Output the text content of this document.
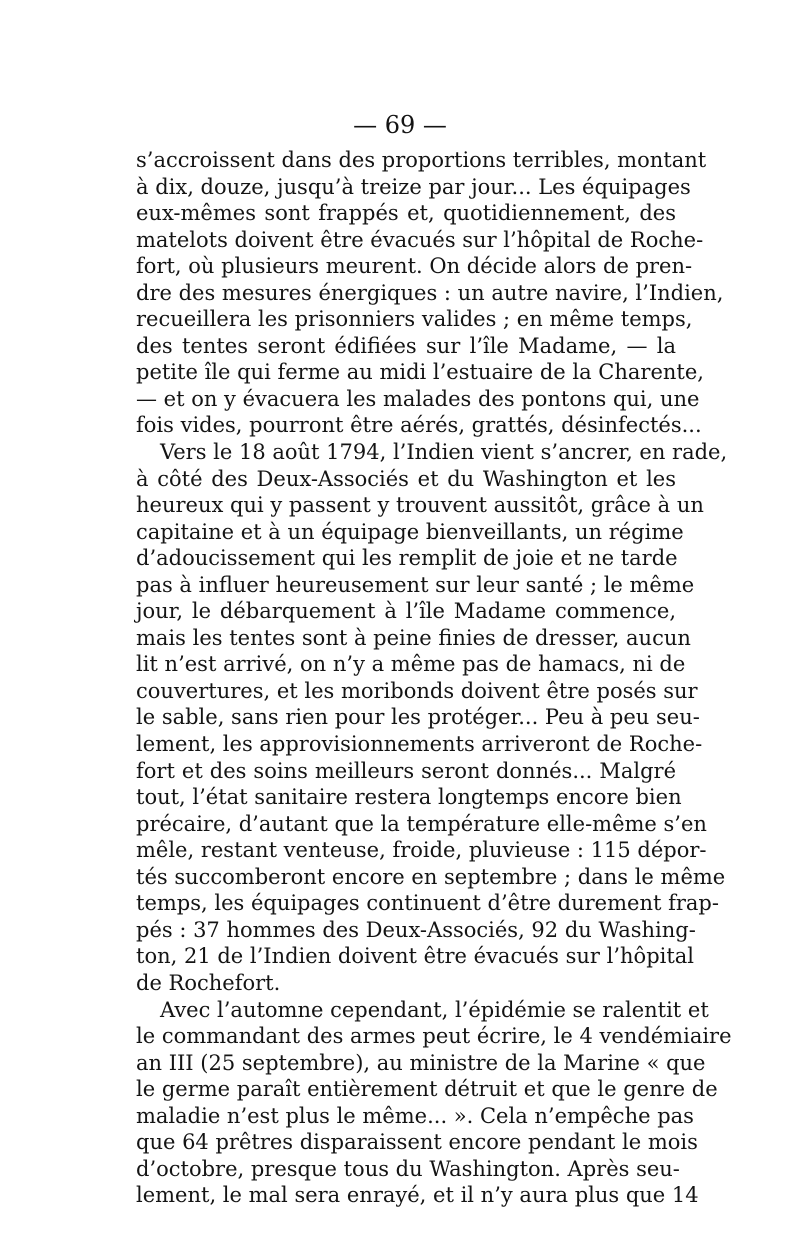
— 69 —
s’accroissent dans des proportions terribles, montant
à dix, douze, jusqu’à treize par jour... Les équipages
eux-mêmes sont frappés et, quotidiennement, des
matelots doivent être évacués sur l’hôpital de Roche-
fort, où plusieurs meurent. On décide alors de pren-
dre des mesures énergiques : un autre navire, l’Indien,
recueillera les prisonniers valides ; en même temps,
des tentes seront édifiées sur l’île Madame, — la
petite île qui ferme au midi l’estuaire de la Charente,
— et on y évacuera les malades des pontons qui, une
fois vides, pourront être aérés, grattés, désinfectés...
Vers le 18 août 1794, l’Indien vient s’ancrer, en rade,
à côté des Deux-Associés et du Washington et les
heureux qui y passent y trouvent aussitôt, grâce à un
capitaine et à un équipage bienveillants, un régime
d’adoucissement qui les remplit de joie et ne tarde
pas à influer heureusement sur leur santé ; le même
jour, le débarquement à l’île Madame commence,
mais les tentes sont à peine finies de dresser, aucun
lit n’est arrivé, on n’y a même pas de hamacs, ni de
couvertures, et les moribonds doivent être posés sur
le sable, sans rien pour les protéger... Peu à peu seu-
lement, les approvisionnements arriveront de Roche-
fort et des soins meilleurs seront donnés... Malgré
tout, l’état sanitaire restera longtemps encore bien
précaire, d’autant que la température elle-même s’en
mêle, restant venteuse, froide, pluvieuse : 115 dépor-
tés succomberont encore en septembre ; dans le même
temps, les équipages continuent d’être durement frap-
pés : 37 hommes des Deux-Associés, 92 du Washing-
ton, 21 de l’Indien doivent être évacués sur l’hôpital
de Rochefort.
Avec l’automne cependant, l’épidémie se ralentit et
le commandant des armes peut écrire, le 4 vendémiaire
an III (25 septembre), au ministre de la Marine « que
le germe paraît entièrement détruit et que le genre de
maladie n’est plus le même... ». Cela n’empêche pas
que 64 prêtres disparaissent encore pendant le mois
d’octobre, presque tous du Washington. Après seu-
lement, le mal sera enrayé, et il n’y aura plus que 14
